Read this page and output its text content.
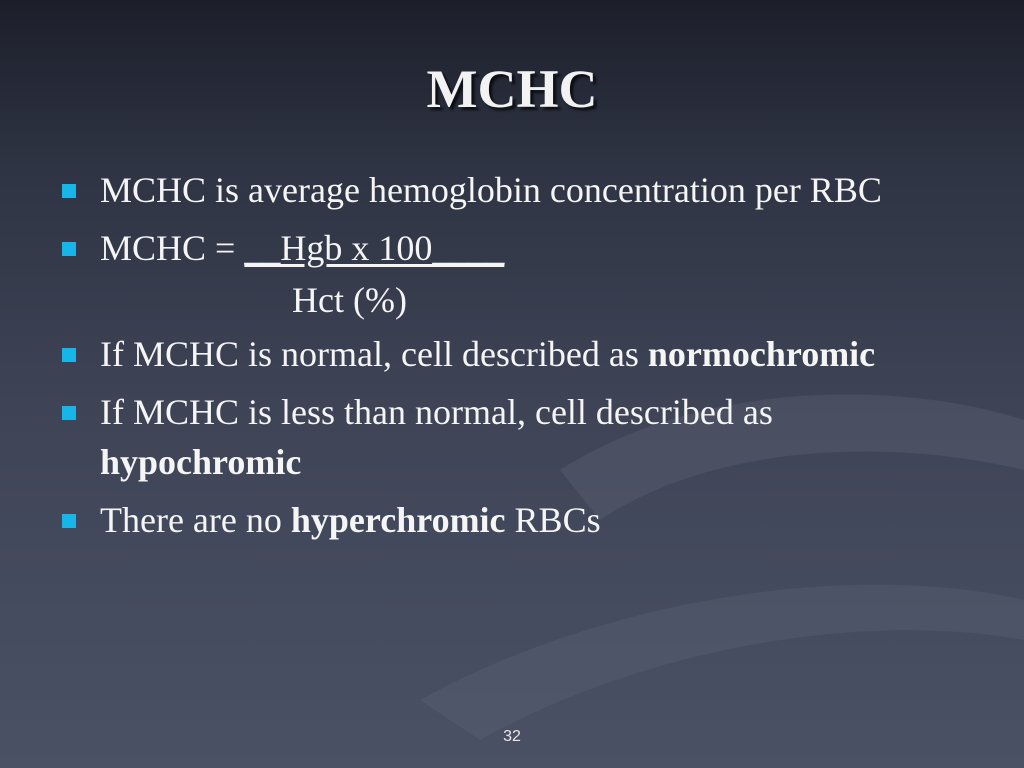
MCHC
MCHC is average hemoglobin concentration per RBC
MCHC = __Hgb x 100____
Hct (%)
If MCHC is normal, cell described as normochromic
If MCHC is less than normal, cell described as hypochromic
There are no hyperchromic RBCs
32
